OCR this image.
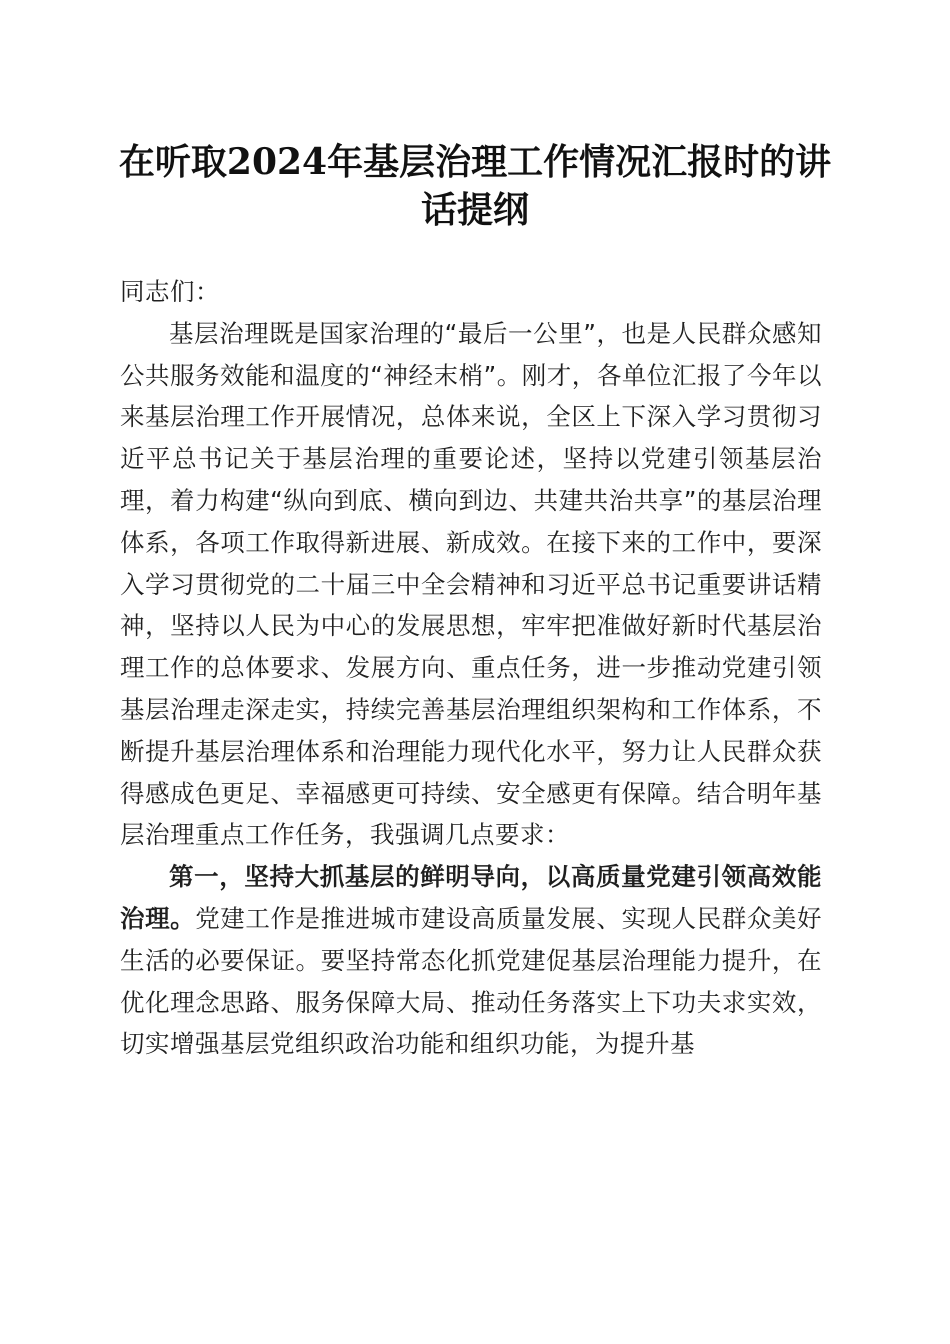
在听取2024年基层治理工作情况汇报时的讲话提纲

同志们：

基层治理既是国家治理的“最后一公里”，也是人民群众感知公共服务效能和温度的“神经末梢”。刚才，各单位汇报了今年以来基层治理工作开展情况，总体来说，全区上下深入学习贯彻习近平总书记关于基层治理的重要论述，坚持以党建引领基层治理，着力构建“纵向到底、横向到边、共建共治共享”的基层治理体系，各项工作取得新进展、新成效。在接下来的工作中，要深入学习贯彻党的二十届三中全会精神和习近平总书记重要讲话精神，坚持以人民为中心的发展思想，牢牢把准做好新时代基层治理工作的总体要求、发展方向、重点任务，进一步推动党建引领基层治理走深走实，持续完善基层治理组织架构和工作体系，不断提升基层治理体系和治理能力现代化水平，努力让人民群众获得感成色更足、幸福感更可持续、安全感更有保障。结合明年基层治理重点工作任务，我强调几点要求：

第一，坚持大抓基层的鲜明导向，以高质量党建引领高效能治理。党建工作是推进城市建设高质量发展、实现人民群众美好生活的必要保证。要坚持常态化抓党建促基层治理能力提升，在优化理念思路、服务保障大局、推动任务落实上下功夫求实效，切实增强基层党组织政治功能和组织功能，为提升基
